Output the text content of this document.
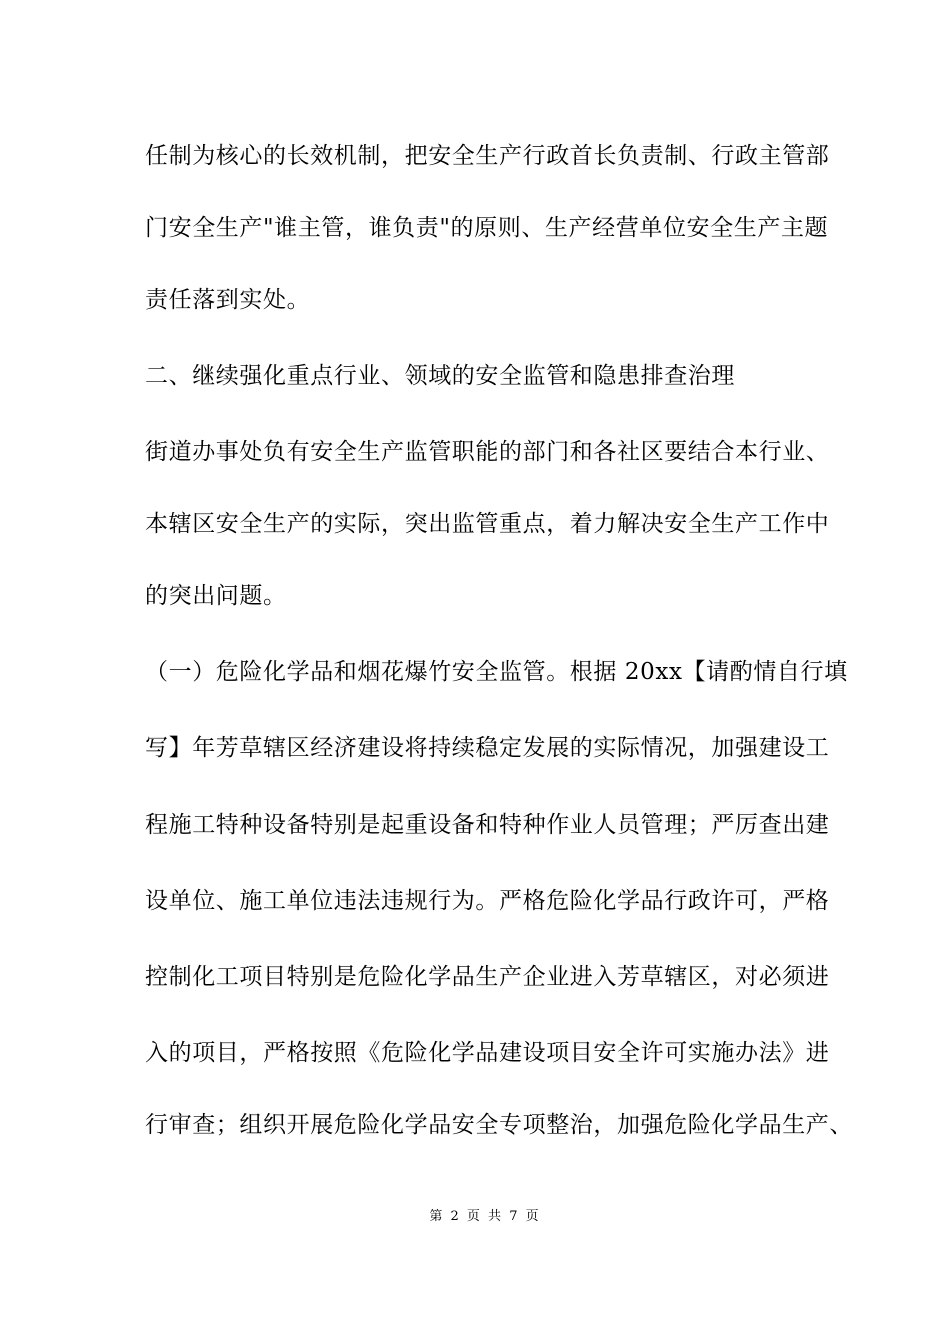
任制为核心的长效机制，把安全生产行政首长负责制、行政主管部

门安全生产"谁主管，谁负责"的原则、生产经营单位安全生产主题

责任落到实处。

二、继续强化重点行业、领域的安全监管和隐患排查治理

街道办事处负有安全生产监管职能的部门和各社区要结合本行业、

本辖区安全生产的实际，突出监管重点，着力解决安全生产工作中

的突出问题。

（一）危险化学品和烟花爆竹安全监管。根据 20xx【请酌情自行填

写】年芳草辖区经济建设将持续稳定发展的实际情况，加强建设工

程施工特种设备特别是起重设备和特种作业人员管理；严厉查出建

设单位、施工单位违法违规行为。严格危险化学品行政许可，严格

控制化工项目特别是危险化学品生产企业进入芳草辖区，对必须进

入的项目，严格按照《危险化学品建设项目安全许可实施办法》进

行审查；组织开展危险化学品安全专项整治，加强危险化学品生产、

第 2 页 共 7 页
